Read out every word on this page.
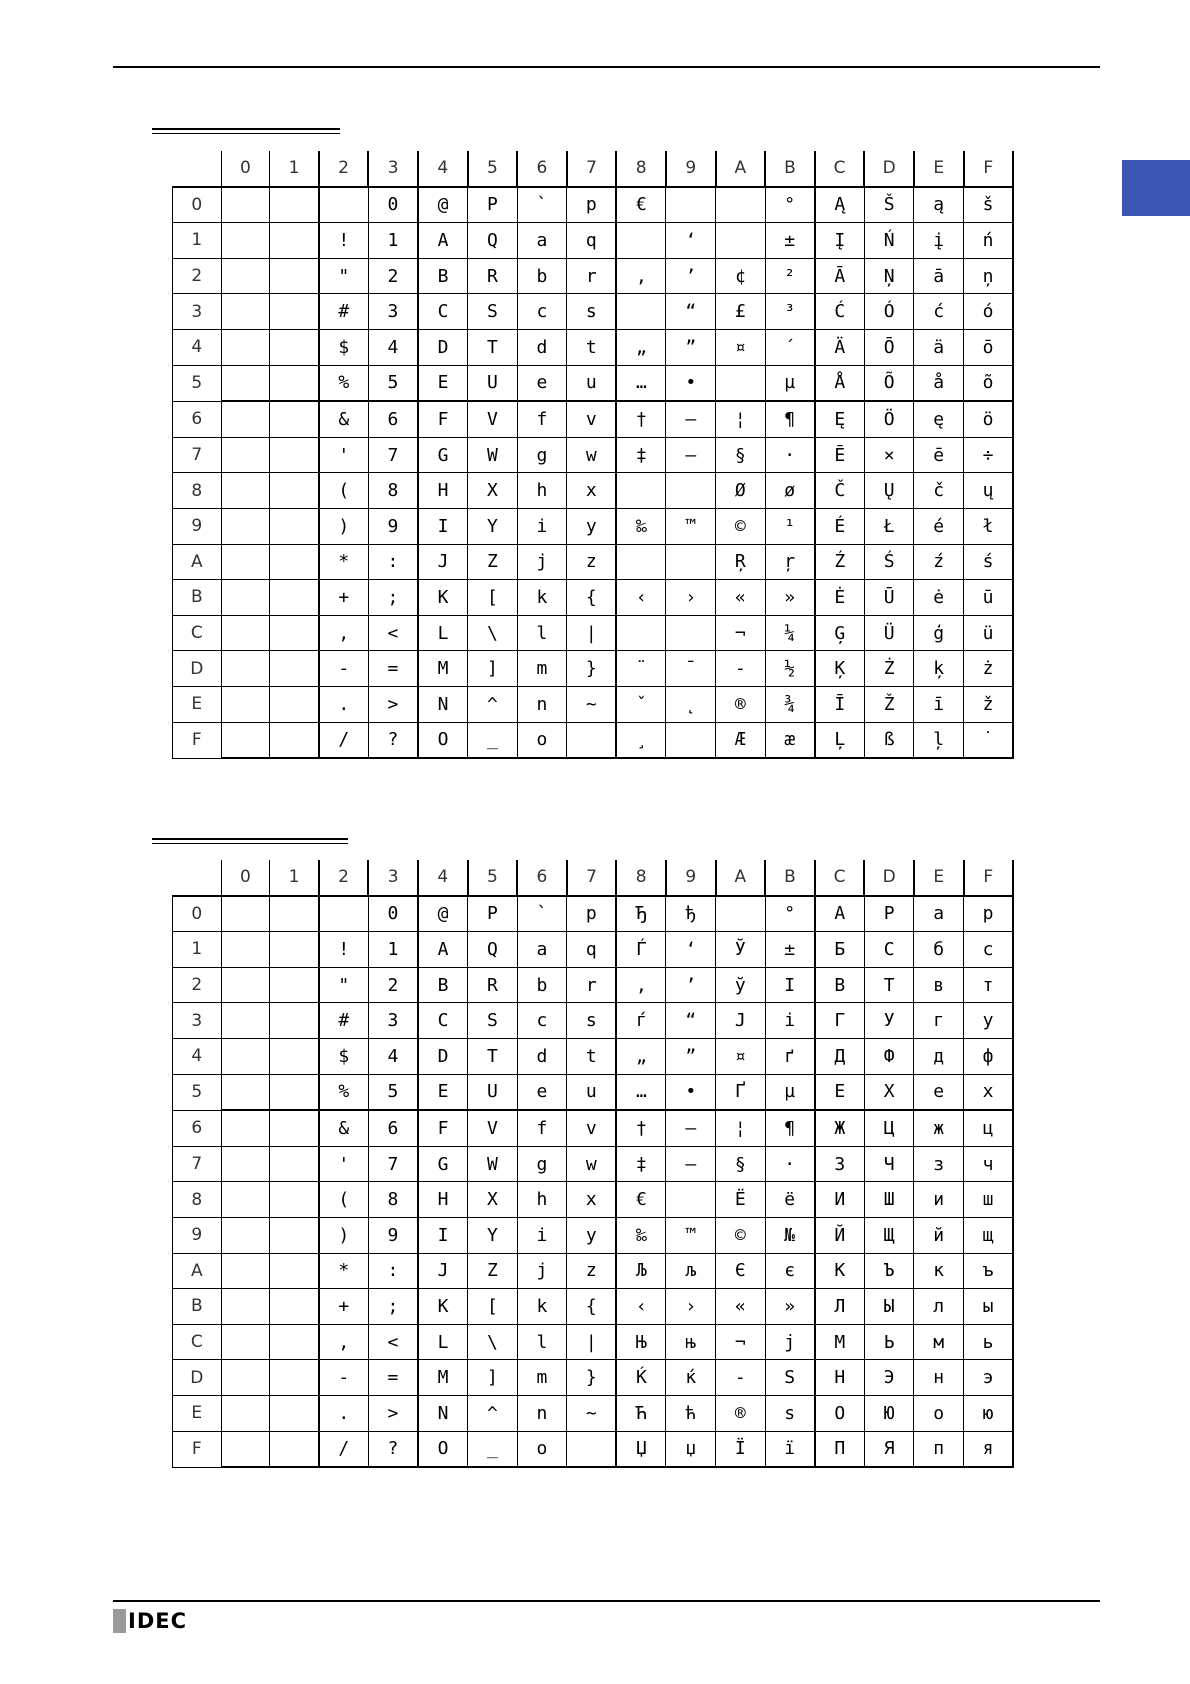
	0	1	2	3	4	5	6	7	8	9	A	B	C	D	E	F
0				0	@	P	`	p	€			°	Ą	Š	ą	š
1			!	1	A	Q	a	q		‘		±	Į	Ń	į	ń
2			"	2	B	R	b	r	‚	’	¢	²	Ā	Ņ	ā	ņ
3			#	3	C	S	c	s		“	£	³	Ć	Ó	ć	ó
4			$	4	D	T	d	t	„	”	¤	´	Ä	Ō	ä	ō
5			%	5	E	U	e	u	…	•		µ	Å	Õ	å	õ
6			&	6	F	V	f	v	†	–	¦	¶	Ę	Ö	ę	ö
7			'	7	G	W	g	w	‡	—	§	·	Ē	×	ē	÷
8			(	8	H	X	h	x			Ø	ø	Č	Ų	č	ų
9			)	9	I	Y	i	y	‰	™	©	¹	É	Ł	é	ł
A			*	:	J	Z	j	z			Ŗ	ŗ	Ź	Ś	ź	ś
B			+	;	K	[	k	{	‹	›	«	»	Ė	Ū	ė	ū
C			,	<	L	\	l	|			¬	¼	Ģ	Ü	ģ	ü
D			-	=	M	]	m	}	¨	¯	-	½	Ķ	Ż	ķ	ż
E			.	>	N	^	n	~	ˇ	˛	®	¾	Ī	Ž	ī	ž
F			/	?	O	_	o		¸		Æ	æ	Ļ	ß	ļ	˙
	0	1	2	3	4	5	6	7	8	9	A	B	C	D	E	F
0				0	@	P	`	p	Ђ	ђ		°	А	Р	а	р
1			!	1	A	Q	a	q	Ѓ	‘	Ў	±	Б	С	б	с
2			"	2	B	R	b	r	‚	’	ў	І	В	Т	в	т
3			#	3	C	S	c	s	ѓ	“	Ј	і	Г	У	г	у
4			$	4	D	T	d	t	„	”	¤	ґ	Д	Ф	д	ф
5			%	5	E	U	e	u	…	•	Ґ	µ	Е	Х	е	х
6			&	6	F	V	f	v	†	–	¦	¶	Ж	Ц	ж	ц
7			'	7	G	W	g	w	‡	—	§	·	З	Ч	з	ч
8			(	8	H	X	h	x	€		Ё	ё	И	Ш	и	ш
9			)	9	I	Y	i	y	‰	™	©	№	Й	Щ	й	щ
A			*	:	J	Z	j	z	Љ	љ	Є	є	К	Ъ	к	ъ
B			+	;	K	[	k	{	‹	›	«	»	Л	Ы	л	ы
C			,	<	L	\	l	|	Њ	њ	¬	ј	М	Ь	м	ь
D			-	=	M	]	m	}	Ќ	ќ	-	Ѕ	Н	Э	н	э
E			.	>	N	^	n	~	Ћ	ћ	®	ѕ	О	Ю	о	ю
F			/	?	O	_	o		Џ	џ	Ї	ї	П	Я	п	я
IDEC
